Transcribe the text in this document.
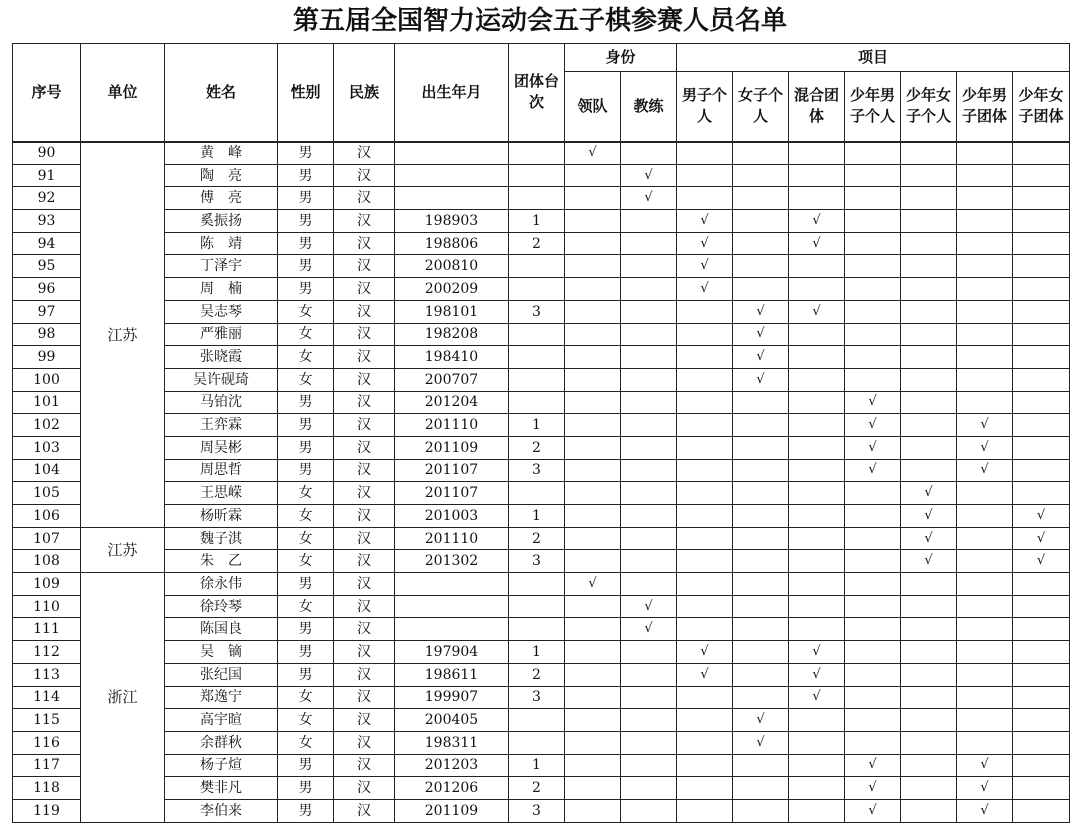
第五届全国智力运动会五子棋参赛人员名单
序号	单位	姓名	性别	民族	出生年月	团体台次	身份		项目						
							领队	教练	男子个人	女子个人	混合团体	少年男子个人	少年女子个人	少年男子团体	少年女子团体
90	江苏	黄　峰	男	汉			√								
91		陶　亮	男	汉				√							
92		傅　亮	男	汉				√							
93		奚振扬	男	汉	198903	1			√		√				
94		陈　靖	男	汉	198806	2			√		√				
95		丁泽宇	男	汉	200810				√						
96		周　楠	男	汉	200209				√						
97		吴志琴	女	汉	198101	3				√	√				
98		严雅丽	女	汉	198208					√					
99		张晓霞	女	汉	198410					√					
100		吴许砚琦	女	汉	200707					√					
101		马铂沈	男	汉	201204							√			
102		王弈霖	男	汉	201110	1						√		√	
103		周吴彬	男	汉	201109	2						√		√	
104		周思哲	男	汉	201107	3						√		√	
105		王思嵘	女	汉	201107								√		
106		杨昕霖	女	汉	201003	1							√		√
107	江苏	魏子淇	女	汉	201110	2							√		√
108		朱　乙	女	汉	201302	3							√		√
109	浙江	徐永伟	男	汉			√								
110		徐玲琴	女	汉				√							
111		陈国良	男	汉				√							
112		吴　镝	男	汉	197904	1			√		√				
113		张纪国	男	汉	198611	2			√		√				
114		郑逸宁	女	汉	199907	3					√				
115		高宇暄	女	汉	200405					√					
116		余群秋	女	汉	198311					√					
117		杨子煊	男	汉	201203	1						√		√	
118		樊非凡	男	汉	201206	2						√		√	
119		李伯来	男	汉	201109	3						√		√	
